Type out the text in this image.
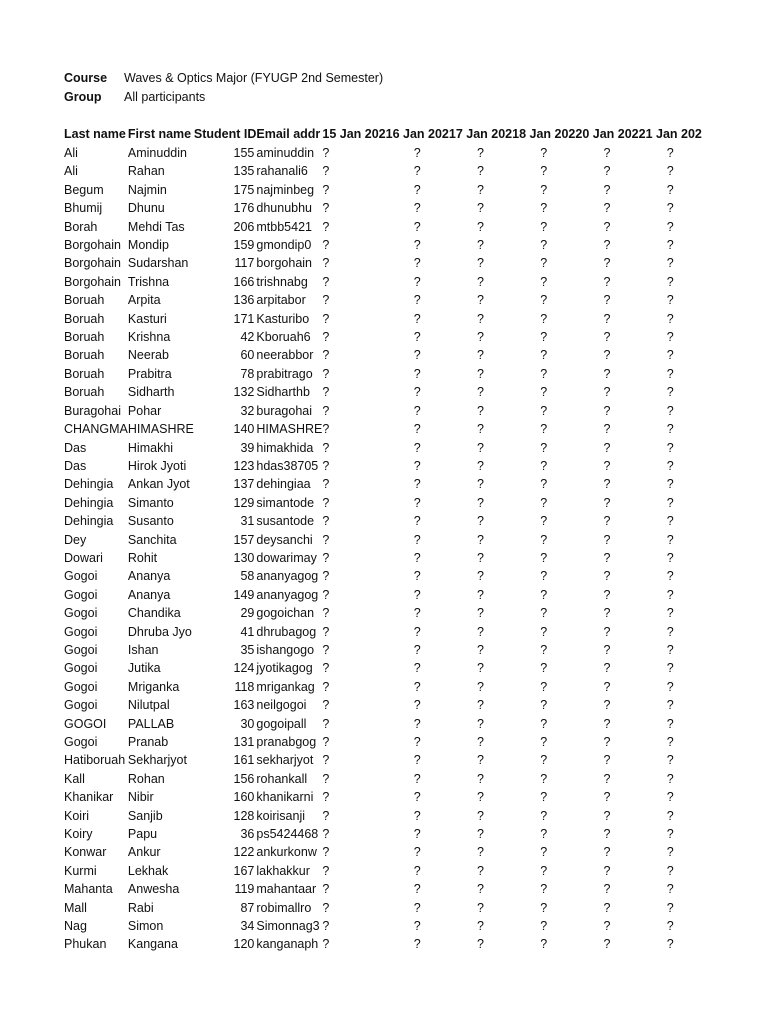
Course Waves & Optics Major (FYUGP 2nd Semester)
Group All participants
Last name	First name	Student ID	Email addr	15 Jan 202	16 Jan 202	17 Jan 202	18 Jan 202	20 Jan 202	21 Jan 202
Ali	Aminuddin	155	aminuddin	?	?	?	?	?	?
Ali	Rahan	135	rahanali6	?	?	?	?	?	?
Begum	Najmin	175	najminbeg	?	?	?	?	?	?
Bhumij	Dhunu	176	dhunubhu	?	?	?	?	?	?
Borah	Mehdi Tas	206	mtbb5421	?	?	?	?	?	?
Borgohain	Mondip	159	gmondip0	?	?	?	?	?	?
Borgohain	Sudarshan	117	borgohain	?	?	?	?	?	?
Borgohain	Trishna	166	trishnabg	?	?	?	?	?	?
Boruah	Arpita	136	arpitabor	?	?	?	?	?	?
Boruah	Kasturi	171	Kasturibo	?	?	?	?	?	?
Boruah	Krishna	42	Kboruah6	?	?	?	?	?	?
Boruah	Neerab	60	neerabbor	?	?	?	?	?	?
Boruah	Prabitra	78	prabitrago	?	?	?	?	?	?
Boruah	Sidharth	132	Sidharthb	?	?	?	?	?	?
Buragohai	Pohar	32	buragohai	?	?	?	?	?	?
CHANGMA	HIMASHRE	140	HIMASHRE	?	?	?	?	?	?
Das	Himakhi	39	himakhida	?	?	?	?	?	?
Das	Hirok Jyoti	123	hdas38705	?	?	?	?	?	?
Dehingia	Ankan Jyot	137	dehingiaa	?	?	?	?	?	?
Dehingia	Simanto	129	simantode	?	?	?	?	?	?
Dehingia	Susanto	31	susantode	?	?	?	?	?	?
Dey	Sanchita	157	deysanchi	?	?	?	?	?	?
Dowari	Rohit	130	dowarimay	?	?	?	?	?	?
Gogoi	Ananya	58	ananyagog	?	?	?	?	?	?
Gogoi	Ananya	149	ananyagog	?	?	?	?	?	?
Gogoi	Chandika	29	gogoichan	?	?	?	?	?	?
Gogoi	Dhruba Jyo	41	dhrubagog	?	?	?	?	?	?
Gogoi	Ishan	35	ishangogo	?	?	?	?	?	?
Gogoi	Jutika	124	jyotikagog	?	?	?	?	?	?
Gogoi	Mriganka	118	mrigankag	?	?	?	?	?	?
Gogoi	Nilutpal	163	neilgogoi	?	?	?	?	?	?
GOGOI	PALLAB	30	gogoipall	?	?	?	?	?	?
Gogoi	Pranab	131	pranabgog	?	?	?	?	?	?
Hatiboruah	Sekharjyot	161	sekharjyot	?	?	?	?	?	?
Kall	Rohan	156	rohankall	?	?	?	?	?	?
Khanikar	Nibir	160	khanikarni	?	?	?	?	?	?
Koiri	Sanjib	128	koirisanji	?	?	?	?	?	?
Koiry	Papu	36	ps5424468	?	?	?	?	?	?
Konwar	Ankur	122	ankurkonw	?	?	?	?	?	?
Kurmi	Lekhak	167	lakhakkur	?	?	?	?	?	?
Mahanta	Anwesha	119	mahantaar	?	?	?	?	?	?
Mall	Rabi	87	robimallro	?	?	?	?	?	?
Nag	Simon	34	Simonnag3	?	?	?	?	?	?
Phukan	Kangana	120	kanganaph	?	?	?	?	?	?
